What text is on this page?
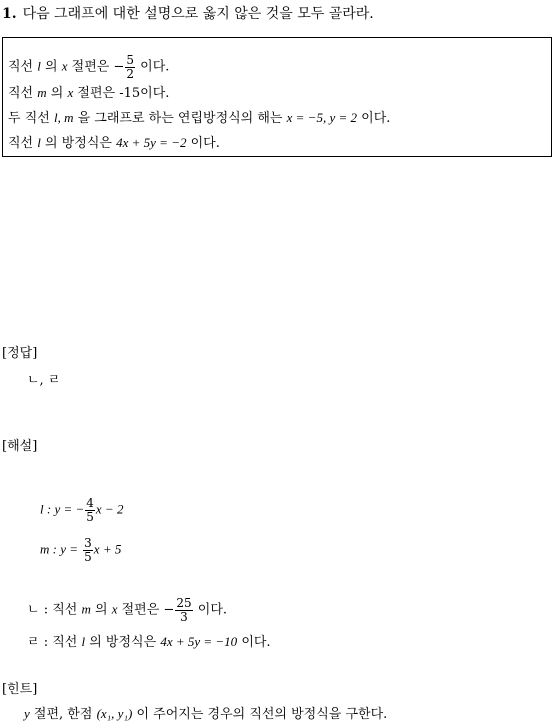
1. 다음 그래프에 대한 설명으로 옳지 않은 것을 모두 골라라.
직선 l 의 x 절편은 − $\frac{5}{2}$ 이다.
직선 m 의 x 절편은 -15이다.
두 직선 l, m 을 그래프로 하는 연립방정식의 해는 x = −5, y = 2 이다.
직선 l 의 방정식은 4x + 5y = −2 이다.
[정답]
ㄴ, ㄹ
[해설]
l : y = − $\frac{4}{5}$ x − 2
m : $y = \frac{3}{5}$ x + 5
ㄴ : 직선 m 의 x 절편은 − $\frac{25}{3}$ 이다.
ㄹ : 직선 l 의 방정식은 4x + 5y = −10 이다.
[힌트]
y 절편, 한점 (x₁, y₁) 이 주어지는 경우의 직선의 방정식을 구한다.
